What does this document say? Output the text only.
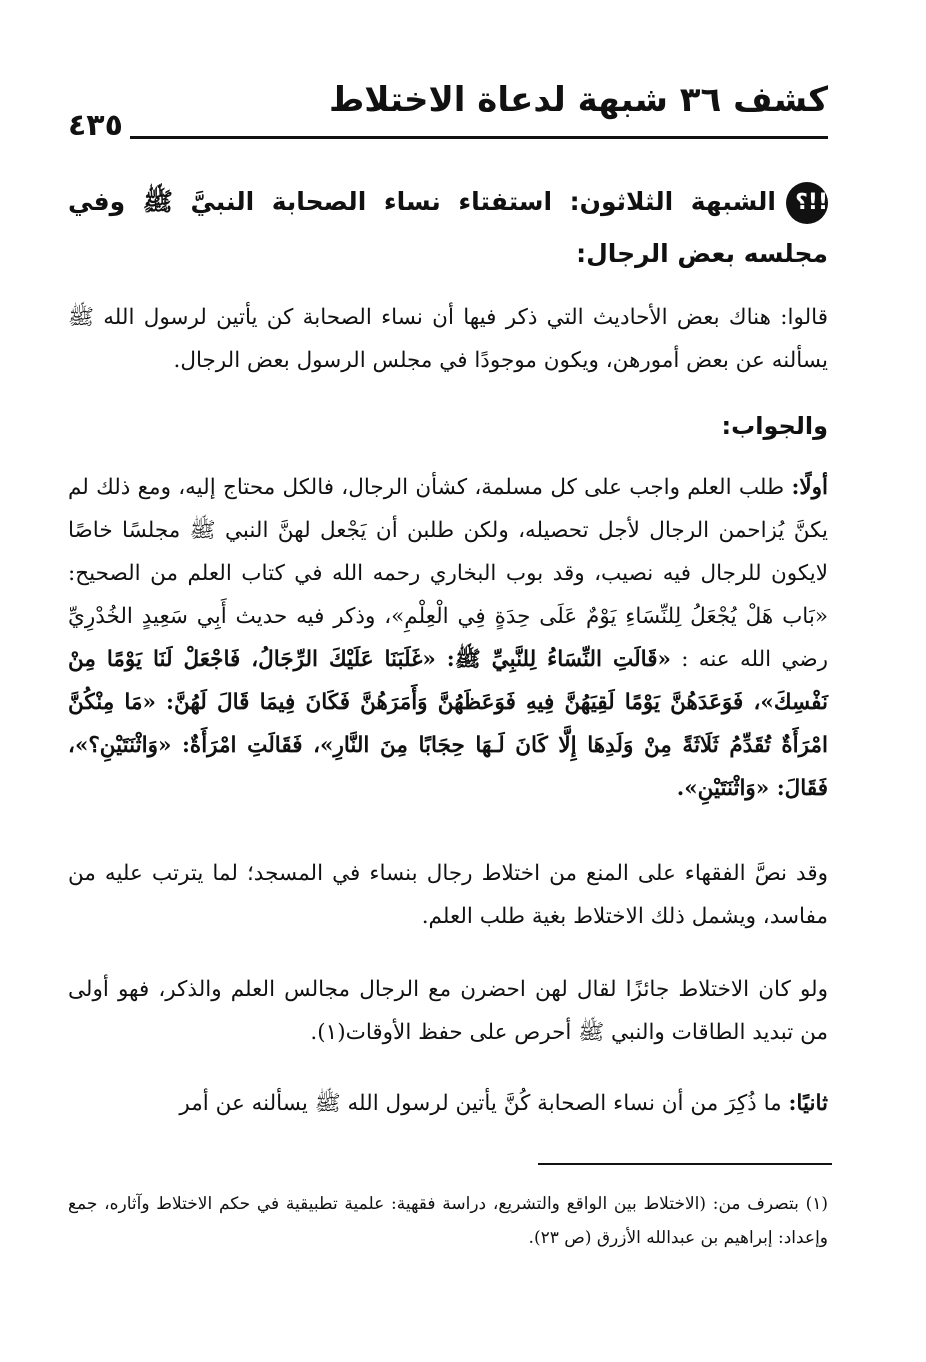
كشف ٣٦ شبهة لدعاة الاختلاط
٤٣٥
!!؟الشبهة الثلاثون: استفتاء نساء الصحابة النبيَّ ﷺ وفي مجلسه بعض الرجال:

قالوا: هناك بعض الأحاديث التي ذكر فيها أن نساء الصحابة كن يأتين لرسول الله ﷺ يسألنه عن بعض أمورهن، ويكون موجودًا في مجلس الرسول بعض الرجال.

والجواب:

أولًا: طلب العلم واجب على كل مسلمة، كشأن الرجال، فالكل محتاج إليه، ومع ذلك لم يكنَّ يُزاحمن الرجال لأجل تحصيله، ولكن طلبن أن يَجْعل لهنَّ النبي ﷺ مجلسًا خاصًا لايكون للرجال فيه نصيب، وقد بوب البخاري رحمه الله في كتاب العلم من الصحيح: «بَاب هَلْ يُجْعَلُ لِلنِّسَاءِ يَوْمٌ عَلَى حِدَةٍ فِي الْعِلْمِ»، وذكر فيه حديث أَبِي سَعِيدٍ الخُدْرِيِّ رضي الله عنه : «قَالَتِ النِّسَاءُ لِلنَّبِيِّ ﷺ: «غَلَبَنَا عَلَيْكَ الرِّجَالُ، فَاجْعَلْ لَنَا يَوْمًا مِنْ نَفْسِكَ»، فَوَعَدَهُنَّ يَوْمًا لَقِيَهُنَّ فِيهِ فَوَعَظَهُنَّ وَأَمَرَهُنَّ فَكَانَ فِيمَا قَالَ لَهُنَّ: «مَا مِنْكُنَّ امْرَأَةٌ تُقَدِّمُ ثَلَاثَةً مِنْ وَلَدِهَا إِلَّا كَانَ لَـهَا حِجَابًا مِنَ النَّارِ»، فَقَالَتِ امْرَأَةٌ: «وَاثْنَتَيْنِ؟»، فَقَالَ: «وَاثْنَتَيْنِ».

وقد نصَّ الفقهاء على المنع من اختلاط رجال بنساء في المسجد؛ لما يترتب عليه من مفاسد، ويشمل ذلك الاختلاط بغية طلب العلم.

ولو كان الاختلاط جائزًا لقال لهن احضرن مع الرجال مجالس العلم والذكر، فهو أولى من تبديد الطاقات والنبي ﷺ أحرص على حفظ الأوقات(١).

ثانيًا: ما ذُكِرَ من أن نساء الصحابة كُنَّ يأتين لرسول الله ﷺ يسألنه عن أمر

(١) بتصرف من: (الاختلاط بين الواقع والتشريع، دراسة فقهية: علمية تطبيقية في حكم الاختلاط وآثاره، جمع وإعداد: إبراهيم بن عبدالله الأزرق (ص ٢٣).
